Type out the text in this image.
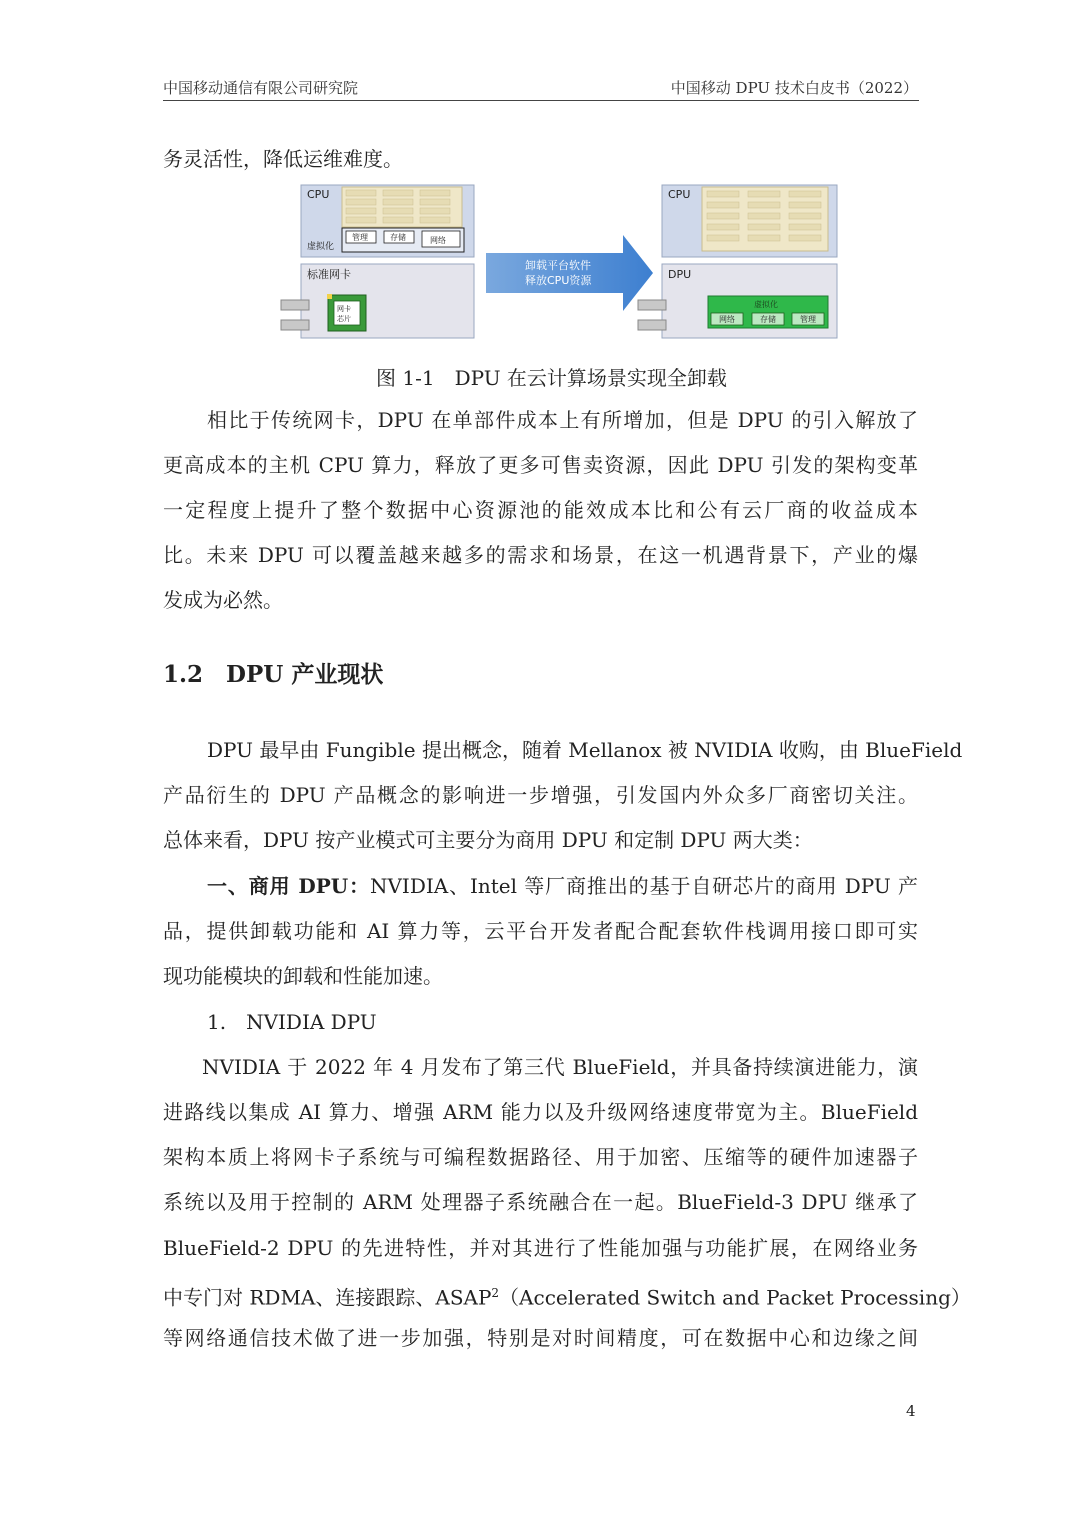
中国移动通信有限公司研究院	中国移动 DPU 技术白皮书（2022）
务灵活性，降低运维难度。
CPU
虚拟化
管理	存储	网络
标准网卡
网卡
芯片
卸载平台软件
释放CPU资源
CPU
DPU
虚拟化
网络	存储	管理
图 1-1　DPU 在云计算场景实现全卸载
相比于传统网卡，DPU 在单部件成本上有所增加，但是 DPU 的引入解放了
更高成本的主机 CPU 算力，释放了更多可售卖资源，因此 DPU 引发的架构变革
一定程度上提升了整个数据中心资源池的能效成本比和公有云厂商的收益成本
比。未来 DPU 可以覆盖越来越多的需求和场景，在这一机遇背景下，产业的爆
发成为必然。
1.2　DPU 产业现状
DPU 最早由 Fungible 提出概念，随着 Mellanox 被 NVIDIA 收购，由 BlueField
产品衍生的 DPU 产品概念的影响进一步增强，引发国内外众多厂商密切关注。
总体来看，DPU 按产业模式可主要分为商用 DPU 和定制 DPU 两大类：
一、商用 DPU：NVIDIA、Intel 等厂商推出的基于自研芯片的商用 DPU 产
品，提供卸载功能和 AI 算力等，云平台开发者配合配套软件栈调用接口即可实
现功能模块的卸载和性能加速。
1.　NVIDIA DPU
NVIDIA 于 2022 年 4 月发布了第三代 BlueField，并具备持续演进能力，演
进路线以集成 AI 算力、增强 ARM 能力以及升级网络速度带宽为主。BlueField
架构本质上将网卡子系统与可编程数据路径、用于加密、压缩等的硬件加速器子
系统以及用于控制的 ARM 处理器子系统融合在一起。BlueField-3 DPU 继承了
BlueField-2 DPU 的先进特性，并对其进行了性能加强与功能扩展，在网络业务
中专门对 RDMA、连接跟踪、ASAP$^2$（Accelerated Switch and Packet Processing）
等网络通信技术做了进一步加强，特别是对时间精度，可在数据中心和边缘之间
4
